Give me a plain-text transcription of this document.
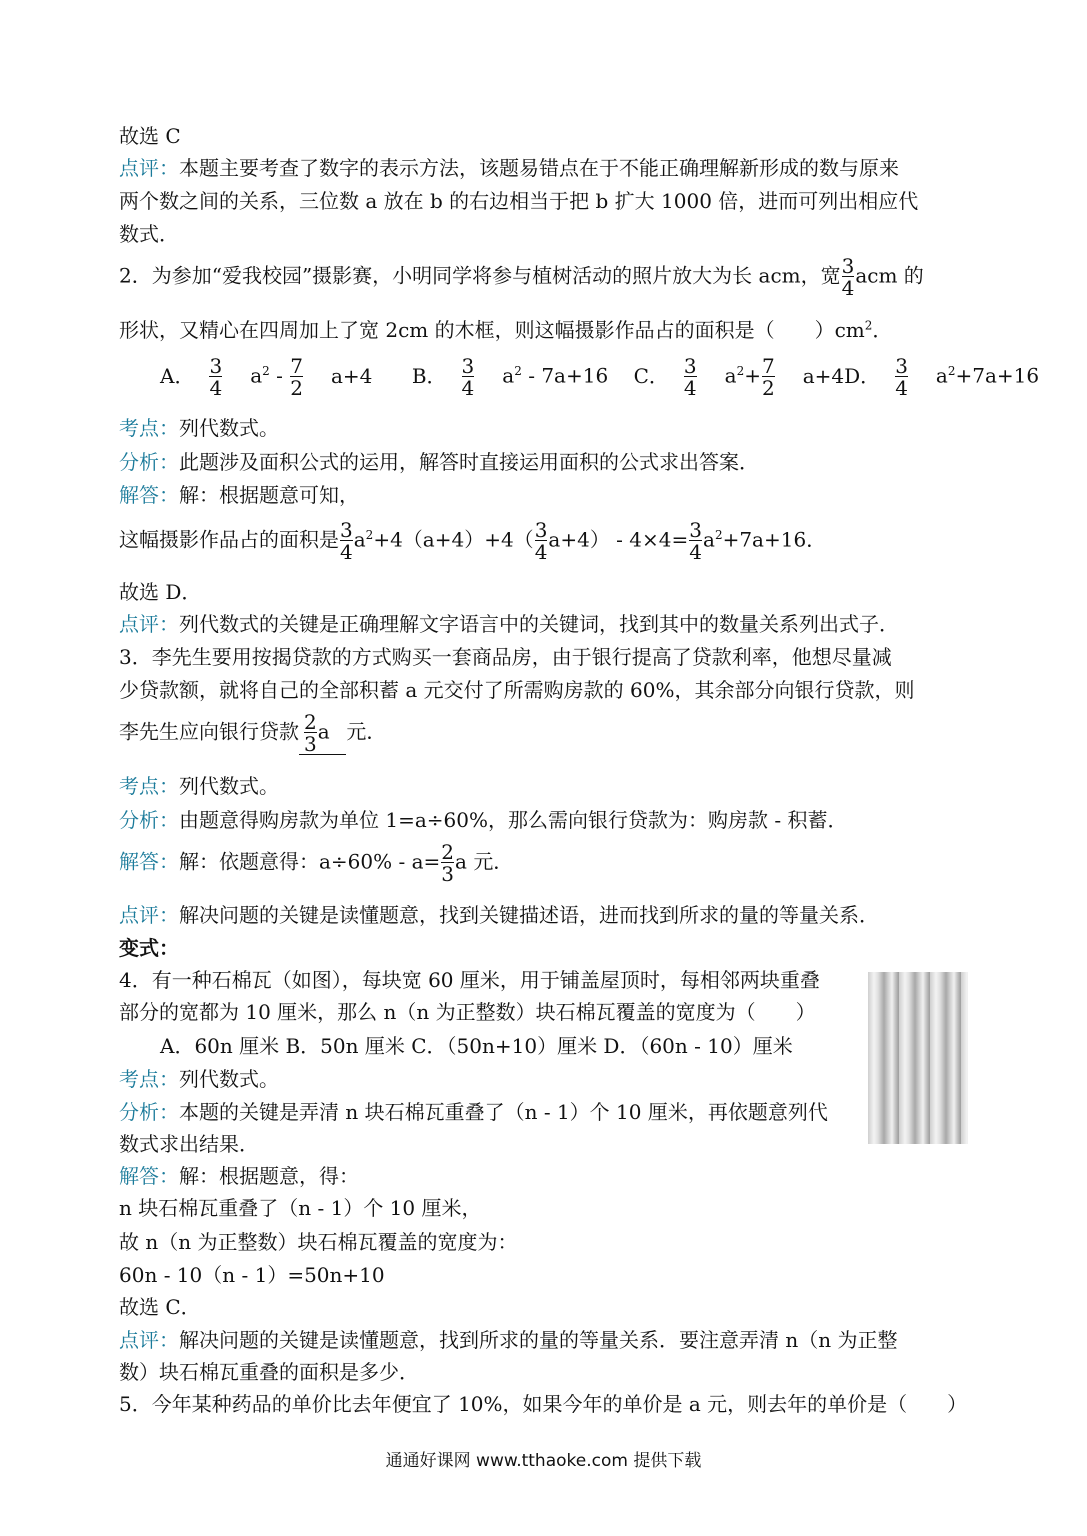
故选 C
点评：本题主要考查了数字的表示方法，该题易错点在于不能正确理解新形成的数与原来
两个数之间的关系，三位数 a 放在 b 的右边相当于把 b 扩大 1000 倍，进而可列出相应代
数式．
2．为参加“爱我校园”摄影赛，小明同学将参与植树活动的照片放大为长 acm，宽 $\frac{3}{4}$ acm 的
形状，又精心在四周加上了宽 2cm 的木框，则这幅摄影作品占的面积是（　　）$cm^2$．
A． $\frac{3}{4} a^2 - \frac{7}{2} a+4$ B． $\frac{3}{4} a^2 - 7a+16$    C． $\frac{3}{4} a^2+ \frac{7}{2} a+4D$． $\frac{3}{4} a^2+7a+16$
考点：列代数式。
分析：此题涉及面积公式的运用，解答时直接运用面积的公式求出答案．
解答：解：根据题意可知，
这幅摄影作品占的面积是 $\frac{3}{4} a^2+4(a+4)+4( \frac{3}{4} a+4) - 4\times 4= \frac{3}{4} a^2+7a+16$．
故选 D．
点评：列代数式的关键是正确理解文字语言中的关键词，找到其中的数量关系列出式子．
3．李先生要用按揭贷款的方式购买一套商品房，由于银行提高了贷款利率，他想尽量减
少贷款额，就将自己的全部积蓄 a 元交付了所需购房款的 60%，其余部分向银行贷款，则
李先生应向银行贷款 $\frac{2}{3}$ a 元．
考点：列代数式。
分析：由题意得购房款为单位 1=a÷60%，那么需向银行贷款为：购房款 - 积蓄．
解答：解：依题意得：$a\div 60\% - a= \frac{2}{3}$ a 元．
点评：解决问题的关键是读懂题意，找到关键描述语，进而找到所求的量的等量关系．
变式：
4．有一种石棉瓦（如图），每块宽 60 厘米，用于铺盖屋顶时，每相邻两块重叠
部分的宽都为 10 厘米，那么 n（n 为正整数）块石棉瓦覆盖的宽度为（　　）
A．60n 厘米 B．50n 厘米 C．（50n+10）厘米 D．（60n - 10）厘米
考点：列代数式。
分析：本题的关键是弄清 n 块石棉瓦重叠了（n - 1）个 10 厘米，再依题意列代
数式求出结果．
解答：解：根据题意，得：
n 块石棉瓦重叠了（n - 1）个 10 厘米，
故 n（n 为正整数）块石棉瓦覆盖的宽度为：
60n - 10（n - 1）=50n+10
故选 C．
点评：解决问题的关键是读懂题意，找到所求的量的等量关系．要注意弄清 n（n 为正整
数）块石棉瓦重叠的面积是多少．
5．今年某种药品的单价比去年便宜了 10%，如果今年的单价是 a 元，则去年的单价是（　　）
通通好课网 www.tthaoke.com 提供下载
